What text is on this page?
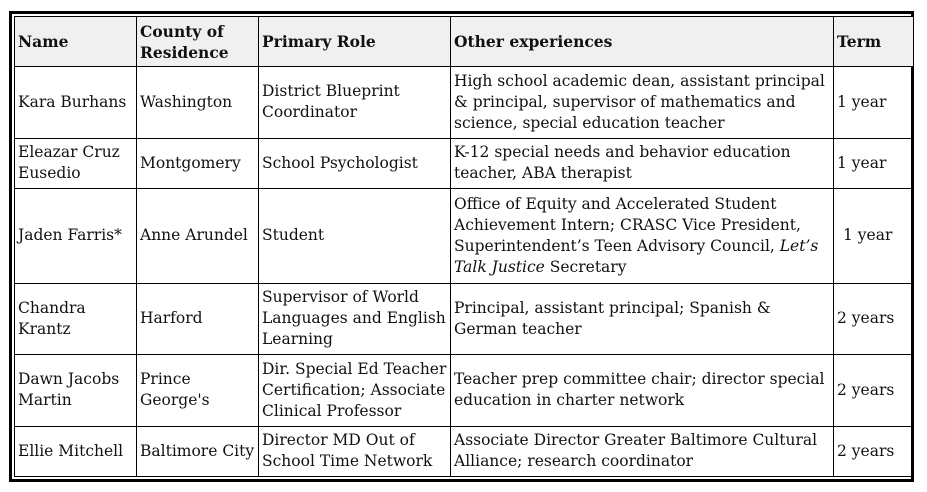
Name	County of Residence	Primary Role	Other experiences	Term
Kara Burhans	Washington	District Blueprint Coordinator	High school academic dean, assistant principal & principal, supervisor of mathematics and science, special education teacher	1 year
Eleazar Cruz Eusedio	Montgomery	School Psychologist	K-12 special needs and behavior education teacher, ABA therapist	1 year
Jaden Farris*	Anne Arundel	Student	Office of Equity and Accelerated Student Achievement Intern; CRASC Vice President, Superintendent’s Teen Advisory Council, Let’s Talk Justice Secretary	1 year
Chandra Krantz	Harford	Supervisor of World Languages and English Learning	Principal, assistant principal; Spanish & German teacher	2 years
Dawn Jacobs Martin	Prince George's	Dir. Special Ed Teacher Certification; Associate Clinical Professor	Teacher prep committee chair; director special education in charter network	2 years
Ellie Mitchell	Baltimore City	Director MD Out of School Time Network	Associate Director Greater Baltimore Cultural Alliance; research coordinator	2 years
